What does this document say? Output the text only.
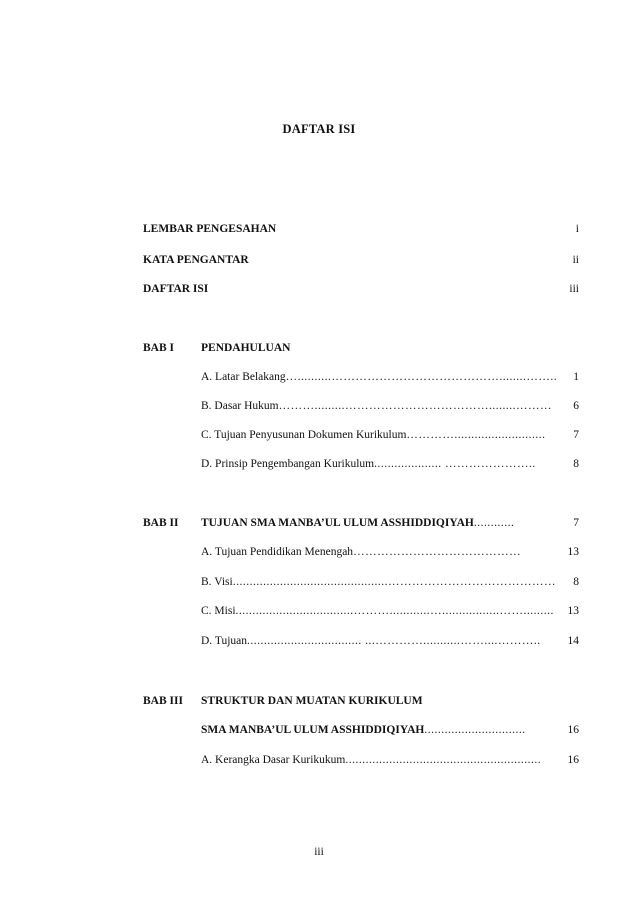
DAFTAR ISI
LEMBAR PENGESAHAN	i
KATA PENGANTAR	ii
DAFTAR ISI	iii
BAB I PENDAHULUAN
A. Latar Belakang …..........……………………………………........……..	1
B. Dasar Hukum ……….........………………………………........………	6
C. Tujuan Penyusunan Dokumen Kurikulum …………...........................	7
D. Prinsip Pengembangan Kurikulum .................... …………………..	8
BAB II TUJUAN SMA MANBA’UL ULUM ASSHIDDIQIYAH ............	7
A. Tujuan Pendidikan Menengah ……………………………………	13
B. Visi ..............................................……………………………………	8
C. Misi ...................................………............….................…….........	13
D. Tujuan .................................. ...…………...........……....………..	14
BAB III STRUKTUR DAN MUATAN KURIKULUM
SMA MANBA’UL ULUM ASSHIDDIQIYAH ..............................	16
A. Kerangka Dasar Kurikukum ..........................................................	16
iii
